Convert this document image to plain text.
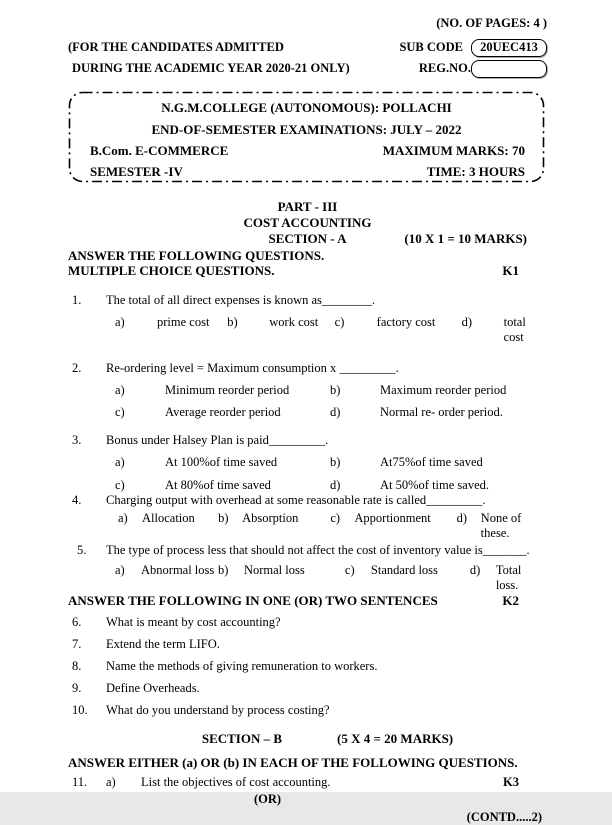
(NO. OF PAGES: 4 )
(FOR THE CANDIDATES ADMITTED
DURING THE ACADEMIC YEAR 2020-21 ONLY)
SUB CODE	20UEC413
REG.NO.
N.G.M.COLLEGE (AUTONOMOUS): POLLACHI
END-OF-SEMESTER EXAMINATIONS: JULY – 2022
B.Com. E-COMMERCE	MAXIMUM MARKS: 70
SEMESTER -IV	TIME: 3 HOURS
PART - III
COST ACCOUNTING
SECTION - A	(10 X 1 = 10 MARKS)
ANSWER THE FOLLOWING QUESTIONS.
MULTIPLE CHOICE QUESTIONS.	K1
1.	The total of all direct expenses is known as________.
a)	prime cost b)	work cost c)	factory cost d)	total cost
2.	Re-ordering level = Maximum consumption x _________.
a)	Minimum reorder period	b)	Maximum reorder period
c)	Average reorder period	d)	Normal re- order period.
3.	Bonus under Halsey Plan is paid_________.
a)	At 100%of time saved	b)	At75%of time saved
c)	At 80%of time saved	d)	At 50%of time saved.
4.	Charging output with overhead at some reasonable rate is called_________.
a)	Allocation b)	Absorption	c)	Apportionment d)	None of these.
5.	The type of process less that should not affect the cost of inventory value is_______.
a)	Abnormal loss b)	Normal loss	c)	Standard loss	d)	Total loss.
ANSWER THE FOLLOWING IN ONE (OR) TWO SENTENCES	K2
6.	What is meant by cost accounting?
7.	Extend the term LIFO.
8.	Name the methods of giving remuneration to workers.
9.	Define Overheads.
10.	What do you understand by process costing?
SECTION – B	(5 X 4 = 20 MARKS)
ANSWER EITHER (a) OR (b) IN EACH OF THE FOLLOWING QUESTIONS.
11.	a)	List the objectives of cost accounting.	K3
(OR)
(CONTD.....2)
